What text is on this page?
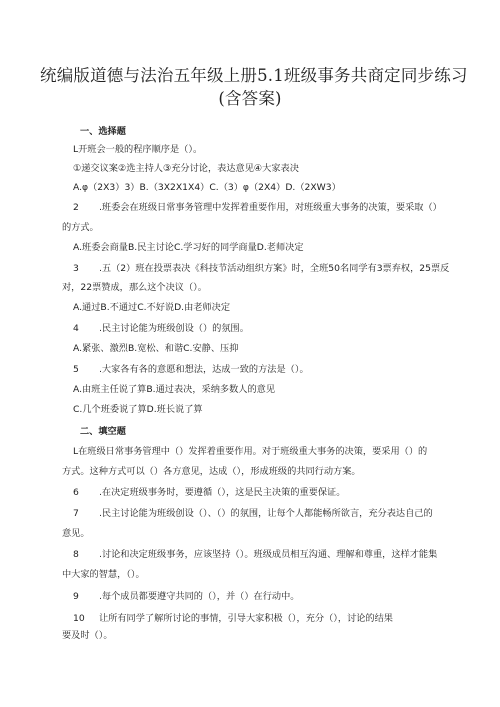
统编版道德与法治五年级上册5.1班级事务共商定同步练习
(含答案)
一、选择题
L开班会一般的程序顺序是（）。
①递交议案②选主持人③充分讨论，表达意见④大家表决
A.φ（2X3）3）B.（3X2X1X4）C.（3）φ（2X4）D.（2XW3）
2 .班委会在班级日常事务管理中发挥着重要作用，对班级重大事务的决策，要采取（）
的方式。
A.班委会商量B.民主讨论C.学习好的同学商量D.老师决定
3 .五（2）班在投票表决《科技节活动组织方案》时，全班50名同学有3票弃权，25票反
对，22票赞成，那么这个决议（）。
A.通过B.不通过C.不好说D.由老师决定
4 .民主讨论能为班级创设（）的氛围。
A.紧张、激烈B.宽松、和谐C.安静、压抑
5 .大家各有各的意愿和想法，达成一致的方法是（）。
A.由班主任说了算B.通过表决，采纳多数人的意见
C.几个班委说了算D.班长说了算
二、填空题
L在班级日常事务管理中（）发挥着重要作用。对于班级重大事务的决策，要采用（）的
方式。这种方式可以（）各方意见，达成（），形成班级的共同行动方案。
6 .在决定班级事务时，要遵循（），这是民主决策的重要保证。
7 .民主讨论能为班级创设（）、（）的氛围，让每个人都能畅所欲言，充分表达自己的
意见。
8 .讨论和决定班级事务，应该坚持（）。班级成员相互沟通、理解和尊重，这样才能集
中大家的智慧，（）。
9 .每个成员都要遵守共同的（），并（）在行动中。
10 让所有同学了解所讨论的事情，引导大家积极（），充分（），讨论的结果
要及时（）。
